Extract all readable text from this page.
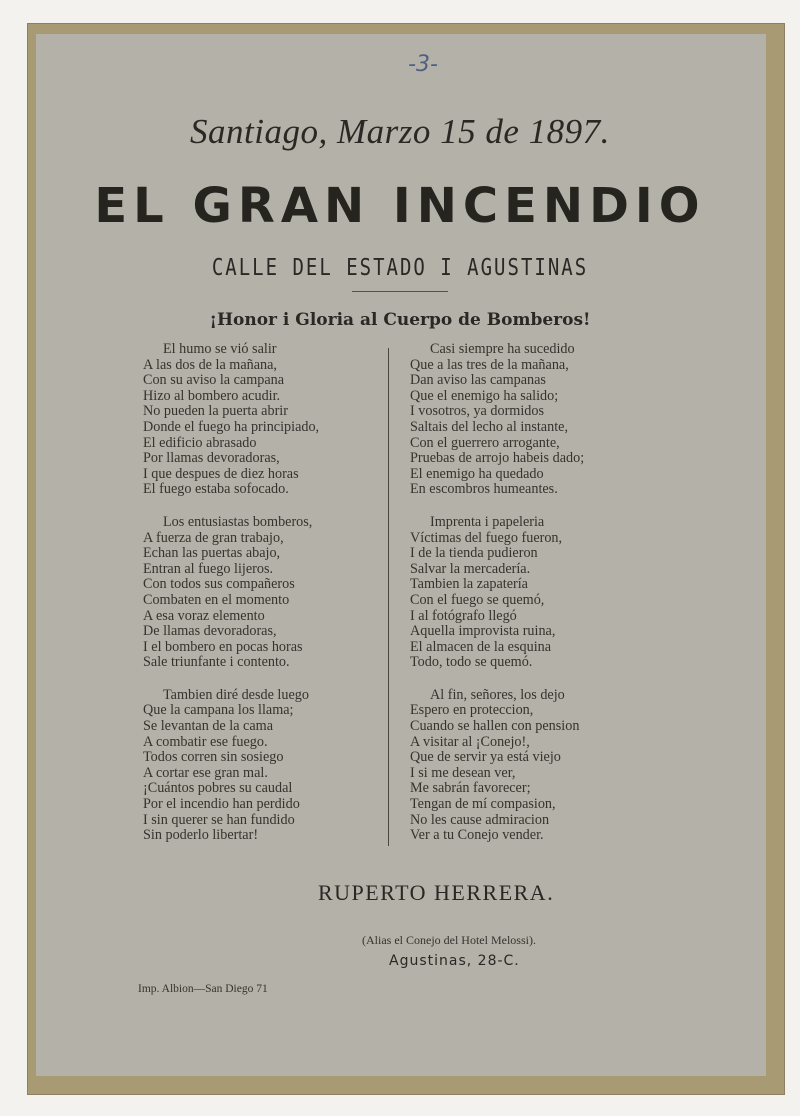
-3-
Santiago, Marzo 15 de 1897.
EL GRAN INCENDIO
CALLE DEL ESTADO I AGUSTINAS
¡Honor i Gloria al Cuerpo de Bomberos!
El humo se vió salir
A las dos de la mañana,
Con su aviso la campana
Hizo al bombero acudir.
No pueden la puerta abrir
Donde el fuego ha principiado,
El edificio abrasado
Por llamas devoradoras,
I que despues de diez horas
El fuego estaba sofocado.
Los entusiastas bomberos,
A fuerza de gran trabajo,
Echan las puertas abajo,
Entran al fuego lijeros.
Con todos sus compañeros
Combaten en el momento
A esa voraz elemento
De llamas devoradoras,
I el bombero en pocas horas
Sale triunfante i contento.
Tambien diré desde luego
Que la campana los llama;
Se levantan de la cama
A combatir ese fuego.
Todos corren sin sosiego
A cortar ese gran mal.
¡Cuántos pobres su caudal
Por el incendio han perdido
I sin querer se han fundido
Sin poderlo libertar!
Casi siempre ha sucedido
Que a las tres de la mañana,
Dan aviso las campanas
Que el enemigo ha salido;
I vosotros, ya dormidos
Saltais del lecho al instante,
Con el guerrero arrogante,
Pruebas de arrojo habeis dado;
El enemigo ha quedado
En escombros humeantes.
Imprenta i papeleria
Víctimas del fuego fueron,
I de la tienda pudieron
Salvar la mercadería.
Tambien la zapatería
Con el fuego se quemó,
I al fotógrafo llegó
Aquella improvista ruina,
El almacen de la esquina
Todo, todo se quemó.
Al fin, señores, los dejo
Espero en proteccion,
Cuando se hallen con pension
A visitar al ¡Conejo!,
Que de servir ya está viejo
I si me desean ver,
Me sabrán favorecer;
Tengan de mí compasion,
No les cause admiracion
Ver a tu Conejo vender.
RUPERTO HERRERA.
(Alias el Conejo del Hotel Melossi).
Agustinas, 28-C.
Imp. Albion—San Diego 71
